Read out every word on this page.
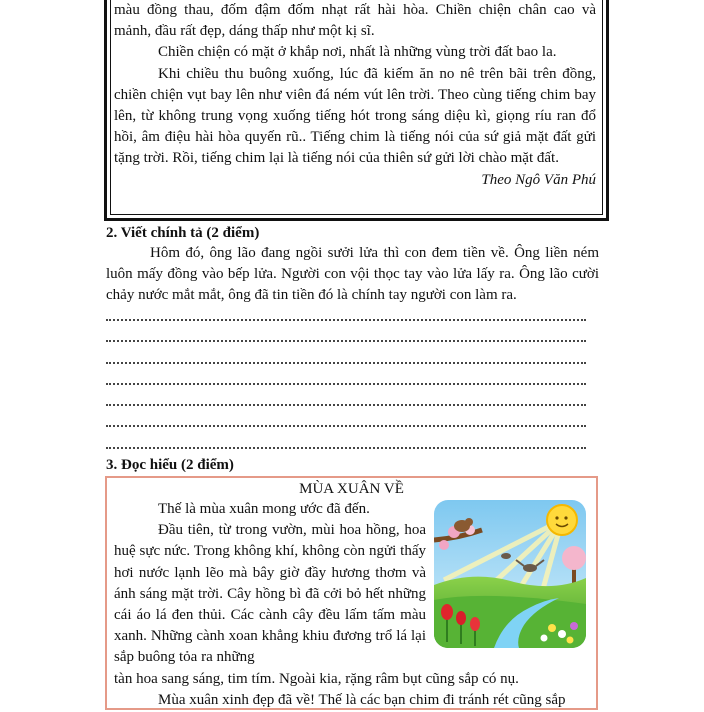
màu đồng thau, đốm đậm đốm nhạt rất hài hòa. Chiền chiện chân cao và

mảnh, đầu rất đẹp, dáng thấp như một kị sĩ.

Chiền chiện có mặt ở khắp nơi, nhất là những vùng trời đất bao la.

Khi chiều thu buông xuống, lúc đã kiếm ăn no nê trên bãi trên đồng, chiền chiện vụt bay lên như viên đá ném vút lên trời. Theo cùng tiếng chim bay lên, từ không trung vọng xuống tiếng hót trong sáng diệu kì, giọng ríu ran đổ hồi, âm điệu hài hòa quyến rũ.. Tiếng chim là tiếng nói của sứ giả mặt đất gửi tặng trời. Rồi, tiếng chim lại là tiếng nói của thiên sứ gửi lời chào mặt đất.

Theo Ngô Văn Phú

2. Viết chính tả (2 điểm)

Hôm đó, ông lão đang ngồi sưởi lửa thì con đem tiền về. Ông liền ném luôn mấy đồng vào bếp lửa. Người con vội thọc tay vào lửa lấy ra. Ông lão cười chảy nước mắt mắt, ông đã tin tiền đó là chính tay người con làm ra.

3. Đọc hiểu (2 điểm)
MÙA XUÂN VỀ

Thế là mùa xuân mong ước đã đến.

Đầu tiên, từ trong vườn, mùi hoa hồng, hoa huệ sực nức. Trong không khí, không còn ngửi thấy hơi nước lạnh lẽo mà bây giờ đầy hương thơm và ánh sáng mặt trời. Cây hồng bì đã cởi bỏ hết những cái áo lá đen thủi. Các cành cây đều lấm tấm màu xanh. Những cành xoan khẳng khiu đương trổ lá lại sắp buông tỏa ra những

tàn hoa sang sáng, tim tím. Ngoài kia, rặng râm bụt cũng sắp có nụ.

Mùa xuân xinh đẹp đã về! Thế là các bạn chim đi tránh rét cũng sắp
